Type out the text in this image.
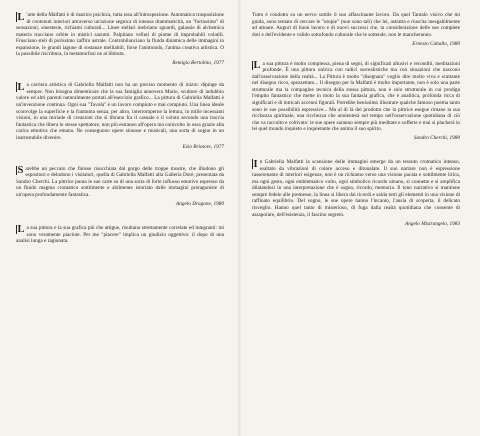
L 'arte della Malfatti è di matrice psichica, tutta tesa all'introspezione. Automatica trasposizione di contenuti interiori attraverso un'azione segnica di intensa drammaticità, un "fortissimo" di sensazioni, sinestesie, richiami culturali... Linee stellari inebriano sguardi, galassie di alchemica materia tracciano orbite in mistici sazumi. Palpitano velluti di piume di improbabili volatili. Frusciano steli di purissimo zaffiro astrale. Controbilanciano la fluida dinamica delle immagini in espansione, le grandi lagune di sostanze melliabili, forse l'animondo, l'anima creativa artistica. O la possibile riscrittura, la metamorfosi ne al libitum.

Remigio Bertolino, 1977

L a carriera artistica di Gabriella Malfatti non ha un preciso momento di inizio: dipinge da sempre. Non bisogna dimenticare che la sua famiglia annovera Mario, scultore di indubbio valore ed altri parenti naturalmente portati all'esercizio grafico... La pittura di Gabriella Malfatti è un'invenzione continua. Ogni sua "Tavola" è un lavoro compiuto e mai compiuto. Una linea ideale sconvolge la superficie e la frantuma senza, per altro, interromperne la lettura, in mille incessanti visioni, in una miriade di creazioni che si librano fra il casuale e il voluto secondo una traccia fantastica che libera le stesse spettatore, non più estraneo all'opera ma coinvolto in essa grazie alla carica emotiva che emana. Ne conseguono opere sinuose e musicali, una sorta di sogno in un inarrestabile divenire.

Ezio Briatore, 1977

S arebbe un peccato che finisse risucchiata dal gorgo delle troppe mostre, che illudono gli espositori e deludono i visitatori, quella di Gabriella Malfatti alla Galleria Dorè, presentata da Sandro Cherchi. La pittrice punta le sue carte su di una sorta di forte influsso emotivo espresso da un fluido magma cromatico sottilmente e abilmente istoriato dalle immagini protagoniste di un'opera profondamente fantastica.

Angelo Dragone, 1980

L a sua pittura e la sua grafica più che attigue, risultano strettamente correlate ed integranti: mi sono veramente piaciute. Per me "piacere" implica un giudizio oggettivo: il dopo di una analisi lunga e ragionata.

Tutto è condotto su un nervo sottile il suo affascinante lavoro. Da quel Tantalo visivo che mi guida, sono tentato di cercare le "utopie" (non sono tali) che lei, astratta e riuscita inesgabilmente ad attuare. Auguri di buon lavoro e di nuovi successi che, in considerazione delle sue complete doti e dell'evidente e valido sottofondo culturale che le sottende, non le mancheranno.

Ernesto Caballo, 1980

L a sua pittura è molto complessa, piena di segni, di significati allusivi e reconditi, meditazioni profonde. È una pittura onirica con radici surrealistiche ma con situazioni che nascono dall'osservazione della realtà... La Pittura è molto "disegnata" voglio dire molto viva e scattante nel disegno ricco, spezzettato... Il disegno per la Malfatti è molto importante, non è solo una parte strutturale ma la compagine tecnica della stessa pittura, non è solo strutturale in cui prodiga l'empito fantastico che mette in moto la sua fantasia grafica, che è analitica, profonda ricca di significati e di intricati accenni figurali. Potrebbe benissimo illustrare qualche famoso poema tanto sono le sue possibilità espressive... Ma al di là del prodotto che la pittrice esegue rimane la sua ricchezza spirituale, una ricchezza che annienterà nel tempo nell'osservazione quotidiana di ciò che va raccolto e coltivato: le sue opere saranno sempre più meditate e sofferte e mai si placherà in lei quel mondo inquieto e inquietante che anima il suo spirito.

Sandro Cherchi, 1980

I n Gabriella Malfatti la scansione delle immagini emerge da un tessuto cromatico intenso, esaltato da vibrazioni di colore acceso e ditonalate. Il suo narrare non è espressione rasserenante di interiori esigenze, non è un richiamo verso una visione pacata e sottilmente lirica, ma ogni gesto, ogni emblematico volto, ogni simbolico ricordo umano, si connette e si amplifica dilatandosi in una interpretazione che è sogno, ricordo, memoria. Il tono narrativo si mantiene sempre fedele alle premesse, la linea si libera dai ricordi e salda tutti gli elementi in una visione di raffinato equilibrio. Del sogno, le sue opere hanno l'incanto, l'ansia di scoperta, il delicato risveglio. Hanno quel tanto di misterioso, di fuga dalla realtà quotidiana che consente di assaporare, dell'esistenza, il fascino segreto.

Angelo Mistrangelo, 1983
